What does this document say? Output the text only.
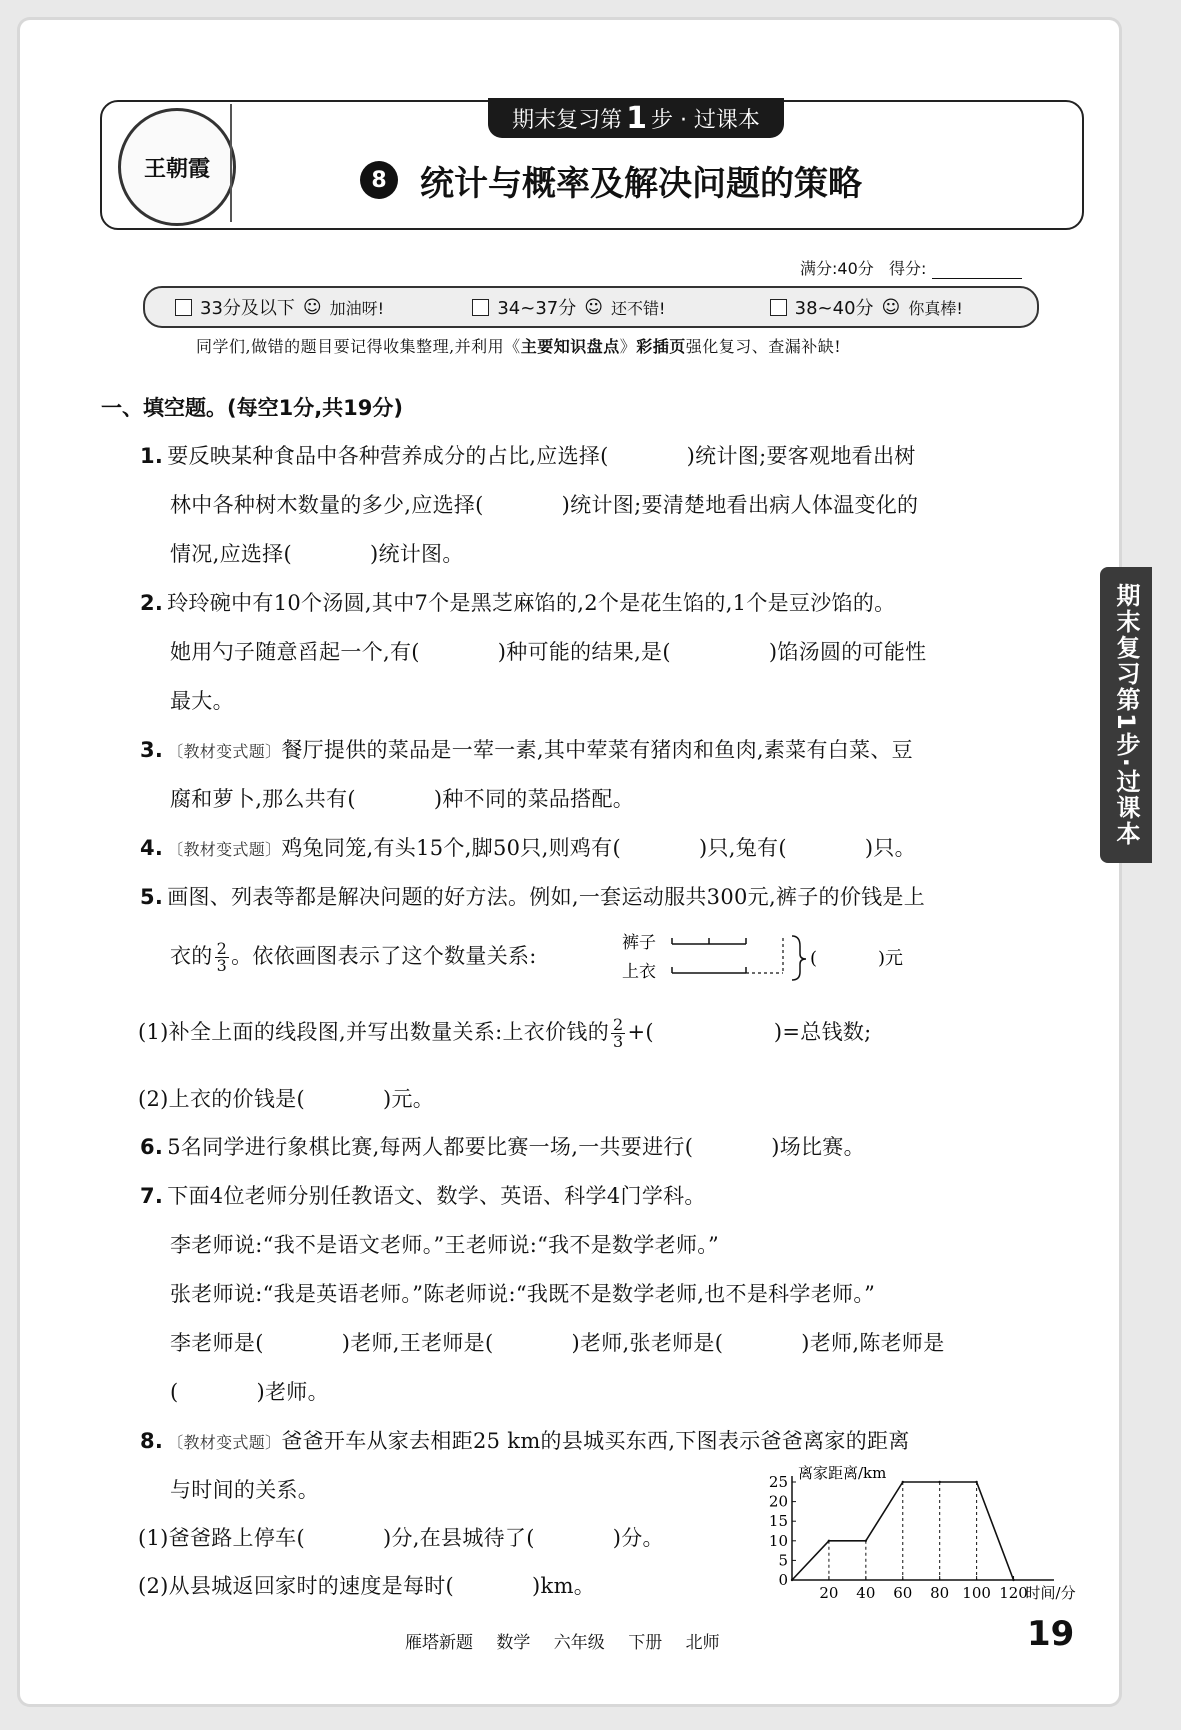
王朝霞
期末复习第 1 步 · 过课本
8 统计与概率及解决问题的策略
满分:40分 得分:
33分及以下 ☺ 加油呀!	34~37分 ☺ 还不错!	38~40分 ☺ 你真棒!
同学们,做错的题目要记得收集整理,并利用《主要知识盘点》彩插页强化复习、查漏补缺!
一、填空题。(每空1分,共19分)
1. 要反映某种食品中各种营养成分的占比,应选择(	)统计图;要客观地看出树
林中各种树木数量的多少,应选择(	)统计图;要清楚地看出病人体温变化的
情况,应选择(	)统计图。
2. 玲玲碗中有10个汤圆,其中7个是黑芝麻馅的,2个是花生馅的,1个是豆沙馅的。
她用勺子随意舀起一个,有(	)种可能的结果,是(	)馅汤圆的可能性
最大。
3. 〔教材变式题〕餐厅提供的菜品是一荤一素,其中荤菜有猪肉和鱼肉,素菜有白菜、豆
腐和萝卜,那么共有(	)种不同的菜品搭配。
4. 〔教材变式题〕鸡兔同笼,有头15个,脚50只,则鸡有(	)只,兔有(	)只。
5. 画图、列表等都是解决问题的好方法。例如,一套运动服共300元,裤子的价钱是上
衣的 $\frac{2}{3}$ 。依依画图表示了这个数量关系:
裤子
上衣
(	)元
(1)补全上面的线段图,并写出数量关系:上衣价钱的 $\frac{2}{3}$ +(	)=总钱数;
(2)上衣的价钱是(	)元。
6. 5名同学进行象棋比赛,每两人都要比赛一场,一共要进行(	)场比赛。
7. 下面4位老师分别任教语文、数学、英语、科学4门学科。
李老师说:“我不是语文老师。”王老师说:“我不是数学老师。”
张老师说:“我是英语老师。”陈老师说:“我既不是数学老师,也不是科学老师。”
李老师是(	)老师,王老师是(	)老师,张老师是(	)老师,陈老师是
(	)老师。
8. 〔教材变式题〕爸爸开车从家去相距25 km的县城买东西,下图表示爸爸离家的距离
与时间的关系。
(1)爸爸路上停车(	)分,在县城待了(	)分。
(2)从县城返回家时的速度是每时(	)km。
5
10
15
20
25
0
20 40 60 80 100 120
离家距离/km
时间/分
期末复习第1步·过课本
雁塔新题 数学 六年级 下册 北师	19
